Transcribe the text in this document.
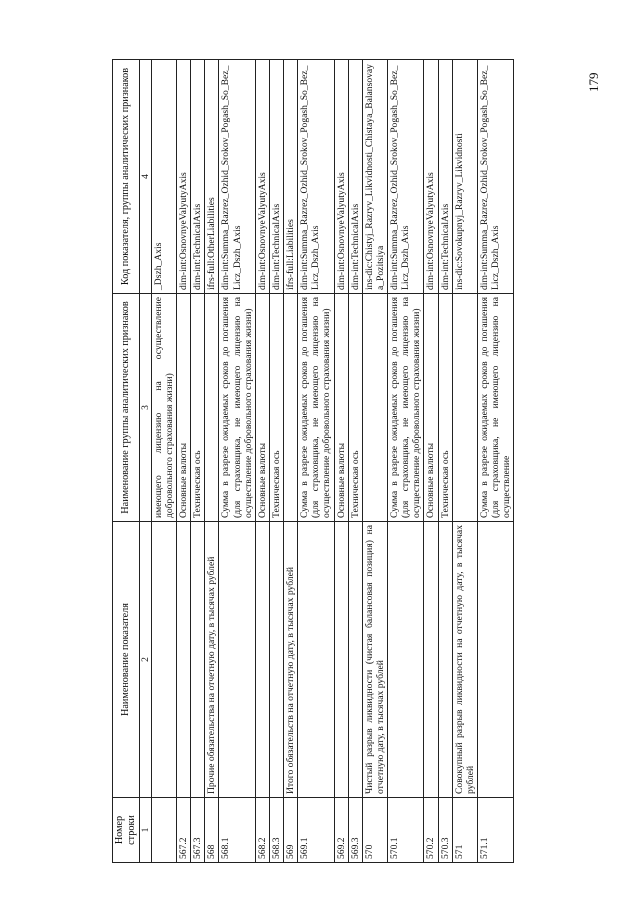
179
Номер строки	Наименование показателя	Наименование группы аналитических признаков	Код показателя, группы аналитических признаков
1	2	3	4
		имеющего лицензию на осуществление добровольного страхования жизни)	_Dszh_Axis
567.2		Основные валюты	dim-int:OsnovnyeValyutyAxis
567.3		Техническая ось	dim-int:TechnicalAxis
568	Прочие обязательства на отчетную дату, в тысячах рублей		ifrs-full:OtherLiabilities
568.1		Сумма в разрезе ожидаемых сроков до погашения (для страховщика, не имеющего лицензию на осуществление добровольного страхования жизни)	dim-int:Summa_Razrez_Ozhid_Srokov_Pogash_So_Bez_Licz_Dszh_Axis
568.2		Основные валюты	dim-int:OsnovnyeValyutyAxis
568.3		Техническая ось	dim-int:TechnicalAxis
569	Итого обязательств на отчетную дату, в тысячах рублей		ifrs-full:Liabilities
569.1		Сумма в разрезе ожидаемых сроков до погашения (для страховщика, не имеющего лицензию на осуществление добровольного страхования жизни)	dim-int:Summa_Razrez_Ozhid_Srokov_Pogash_So_Bez_Licz_Dszh_Axis
569.2		Основные валюты	dim-int:OsnovnyeValyutyAxis
569.3		Техническая ось	dim-int:TechnicalAxis
570	Чистый разрыв ликвидности (чистая балансовая позиция) на отчетную дату, в тысячах рублей		ins-dic:Chistyj_Razryv_Likvidnosti_Chistaya_Balansovaya_Pozitsiya
570.1		Сумма в разрезе ожидаемых сроков до погашения (для страховщика, не имеющего лицензию на осуществление добровольного страхования жизни)	dim-int:Summa_Razrez_Ozhid_Srokov_Pogash_So_Bez_Licz_Dszh_Axis
570.2		Основные валюты	dim-int:OsnovnyeValyutyAxis
570.3		Техническая ось	dim-int:TechnicalAxis
571	Совокупный разрыв ликвидности на отчетную дату, в тысячах рублей		ins-dic:Sovokupnyj_Razryv_Likvidnosti
571.1		Сумма в разрезе ожидаемых сроков до погашения (для страховщика, не имеющего лицензию на осуществление	dim-int:Summa_Razrez_Ozhid_Srokov_Pogash_So_Bez_Licz_Dszh_Axis
